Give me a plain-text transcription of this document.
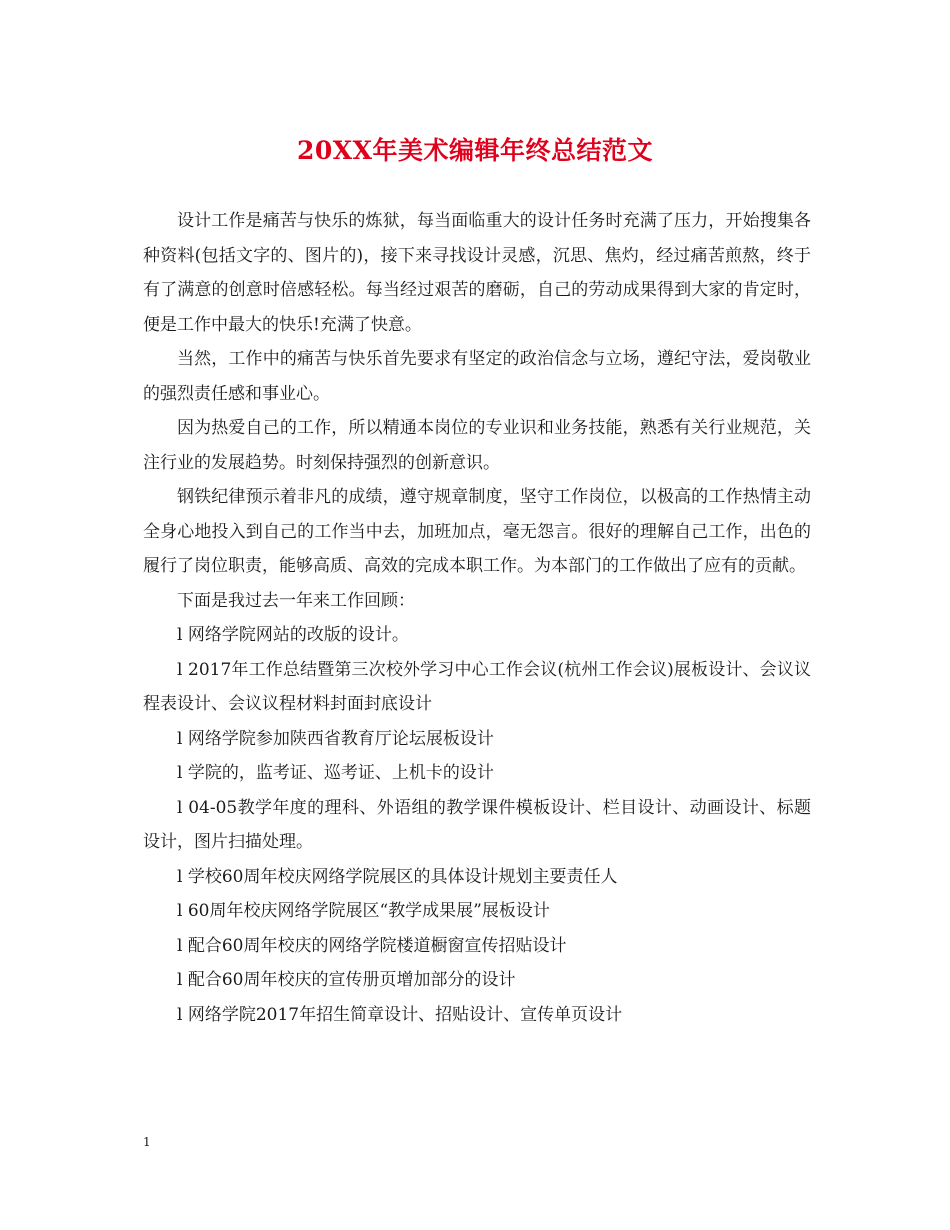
20XX年美术编辑年终总结范文

设计工作是痛苦与快乐的炼狱，每当面临重大的设计任务时充满了压力，开始搜集各种资料(包括文字的、图片的)，接下来寻找设计灵感，沉思、焦灼，经过痛苦煎熬，终于有了满意的创意时倍感轻松。每当经过艰苦的磨砺，自己的劳动成果得到大家的肯定时，便是工作中最大的快乐!充满了快意。

当然，工作中的痛苦与快乐首先要求有坚定的政治信念与立场，遵纪守法，爱岗敬业的强烈责任感和事业心。

因为热爱自己的工作，所以精通本岗位的专业识和业务技能，熟悉有关行业规范，关注行业的发展趋势。时刻保持强烈的创新意识。

钢铁纪律预示着非凡的成绩，遵守规章制度，坚守工作岗位，以极高的工作热情主动全身心地投入到自己的工作当中去，加班加点，毫无怨言。很好的理解自己工作，出色的履行了岗位职责，能够高质、高效的完成本职工作。为本部门的工作做出了应有的贡献。

下面是我过去一年来工作回顾：

l 网络学院网站的改版的设计。

l 2017年工作总结暨第三次校外学习中心工作会议(杭州工作会议)展板设计、会议议程表设计、会议议程材料封面封底设计

l 网络学院参加陕西省教育厅论坛展板设计

l 学院的，监考证、巡考证、上机卡的设计

l 04-05教学年度的理科、外语组的教学课件模板设计、栏目设计、动画设计、标题设计，图片扫描处理。

l 学校60周年校庆网络学院展区的具体设计规划主要责任人

l 60周年校庆网络学院展区“教学成果展”展板设计

l 配合60周年校庆的网络学院楼道橱窗宣传招贴设计

l 配合60周年校庆的宣传册页增加部分的设计

l 网络学院2017年招生简章设计、招贴设计、宣传单页设计

1
